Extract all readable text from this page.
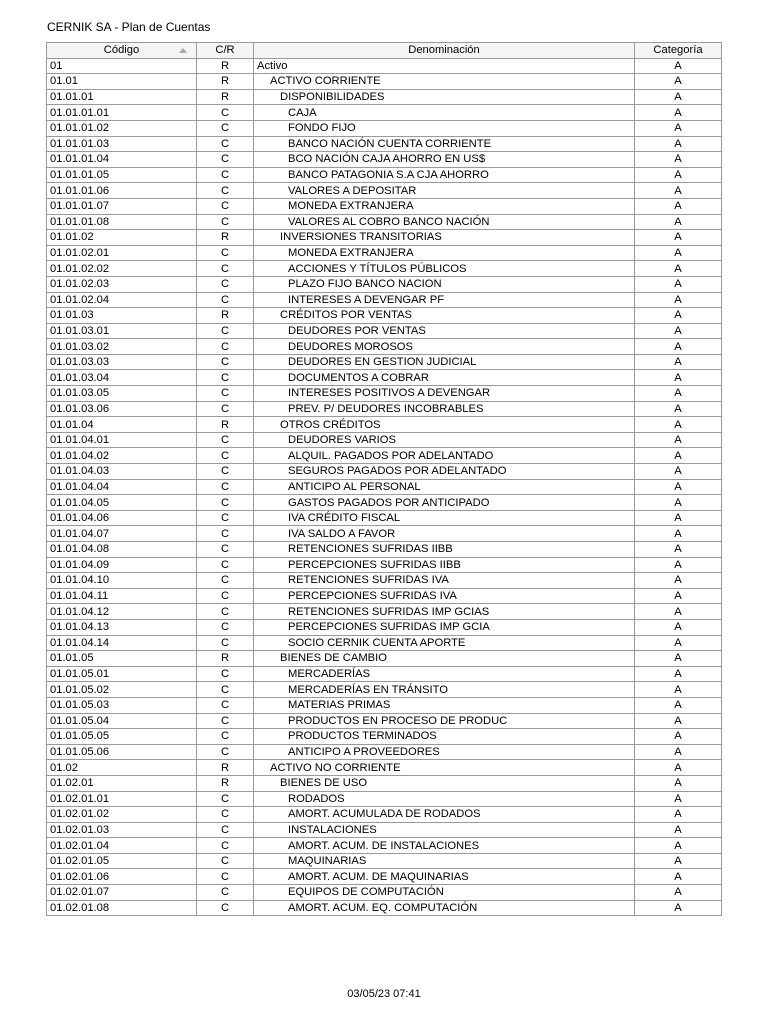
CERNIK SA - Plan de Cuentas
Código	C/R	Denominación	Categoría
01	R	Activo	A
01.01	R	ACTIVO CORRIENTE	A
01.01.01	R	DISPONIBILIDADES	A
01.01.01.01	C	CAJA	A
01.01.01.02	C	FONDO FIJO	A
01.01.01.03	C	BANCO NACIÓN CUENTA CORRIENTE	A
01.01.01.04	C	BCO NACIÓN CAJA AHORRO EN US$	A
01.01.01.05	C	BANCO PATAGONIA S.A CJA AHORRO	A
01.01.01.06	C	VALORES A DEPOSITAR	A
01.01.01.07	C	MONEDA EXTRANJERA	A
01.01.01.08	C	VALORES AL COBRO BANCO NACIÓN	A
01.01.02	R	INVERSIONES TRANSITORIAS	A
01.01.02.01	C	MONEDA EXTRANJERA	A
01.01.02.02	C	ACCIONES Y TÍTULOS PÚBLICOS	A
01.01.02.03	C	PLAZO FIJO BANCO NACION	A
01.01.02.04	C	INTERESES A DEVENGAR PF	A
01.01.03	R	CRÉDITOS POR VENTAS	A
01.01.03.01	C	DEUDORES POR VENTAS	A
01.01.03.02	C	DEUDORES MOROSOS	A
01.01.03.03	C	DEUDORES EN GESTION JUDICIAL	A
01.01.03.04	C	DOCUMENTOS A COBRAR	A
01.01.03.05	C	INTERESES POSITIVOS A DEVENGAR	A
01.01.03.06	C	PREV. P/ DEUDORES INCOBRABLES	A
01.01.04	R	OTROS CRÉDITOS	A
01.01.04.01	C	DEUDORES VARIOS	A
01.01.04.02	C	ALQUIL. PAGADOS POR ADELANTADO	A
01.01.04.03	C	SEGUROS PAGADOS POR ADELANTADO	A
01.01.04.04	C	ANTICIPO AL PERSONAL	A
01.01.04.05	C	GASTOS PAGADOS POR ANTICIPADO	A
01.01.04.06	C	IVA CRÉDITO FISCAL	A
01.01.04.07	C	IVA SALDO A FAVOR	A
01.01.04.08	C	RETENCIONES SUFRIDAS IIBB	A
01.01.04.09	C	PERCEPCIONES SUFRIDAS IIBB	A
01.01.04.10	C	RETENCIONES SUFRIDAS IVA	A
01.01.04.11	C	PERCEPCIONES SUFRIDAS IVA	A
01.01.04.12	C	RETENCIONES SUFRIDAS IMP GCIAS	A
01.01.04.13	C	PERCEPCIONES SUFRIDAS IMP GCIA	A
01.01.04.14	C	SOCIO CERNIK CUENTA APORTE	A
01.01.05	R	BIENES DE CAMBIO	A
01.01.05.01	C	MERCADERÍAS	A
01.01.05.02	C	MERCADERÍAS EN TRÁNSITO	A
01.01.05.03	C	MATERIAS PRIMAS	A
01.01.05.04	C	PRODUCTOS EN PROCESO DE PRODUC	A
01.01.05.05	C	PRODUCTOS TERMINADOS	A
01.01.05.06	C	ANTICIPO A PROVEEDORES	A
01.02	R	ACTIVO NO CORRIENTE	A
01.02.01	R	BIENES DE USO	A
01.02.01.01	C	RODADOS	A
01.02.01.02	C	AMORT. ACUMULADA DE RODADOS	A
01.02.01.03	C	INSTALACIONES	A
01.02.01.04	C	AMORT. ACUM. DE INSTALACIONES	A
01.02.01.05	C	MAQUINARIAS	A
01.02.01.06	C	AMORT. ACUM. DE MAQUINARIAS	A
01.02.01.07	C	EQUIPOS DE COMPUTACIÓN	A
01.02.01.08	C	AMORT. ACUM. EQ. COMPUTACIÓN	A
03/05/23 07:41
